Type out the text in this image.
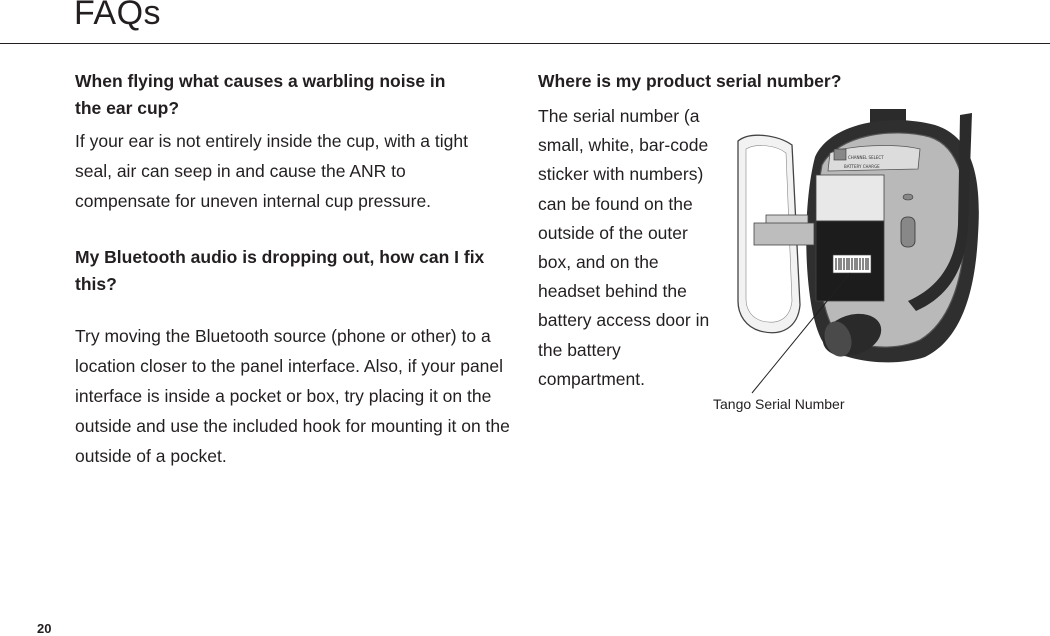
FAQs

When flying what causes a warbling noise in the ear cup?

If your ear is not entirely inside the cup, with a tight seal, air can seep in and cause the ANR to compensate for uneven internal cup pressure.

My Bluetooth audio is dropping out, how can I fix this?

Try moving the Bluetooth source (phone or other) to a location closer to the panel interface. Also, if your panel interface is inside a pocket or box, try placing it on the outside and use the included hook for mounting it on the outside of a pocket.

Where is my product serial number?

The serial number (a small, white, bar-code sticker with numbers) can be found on the outside of the outer box, and on the headset behind the battery access door in the battery compartment.

CHANNEL SELECT
BATTERY CHARGE
Tango Serial Number
20
